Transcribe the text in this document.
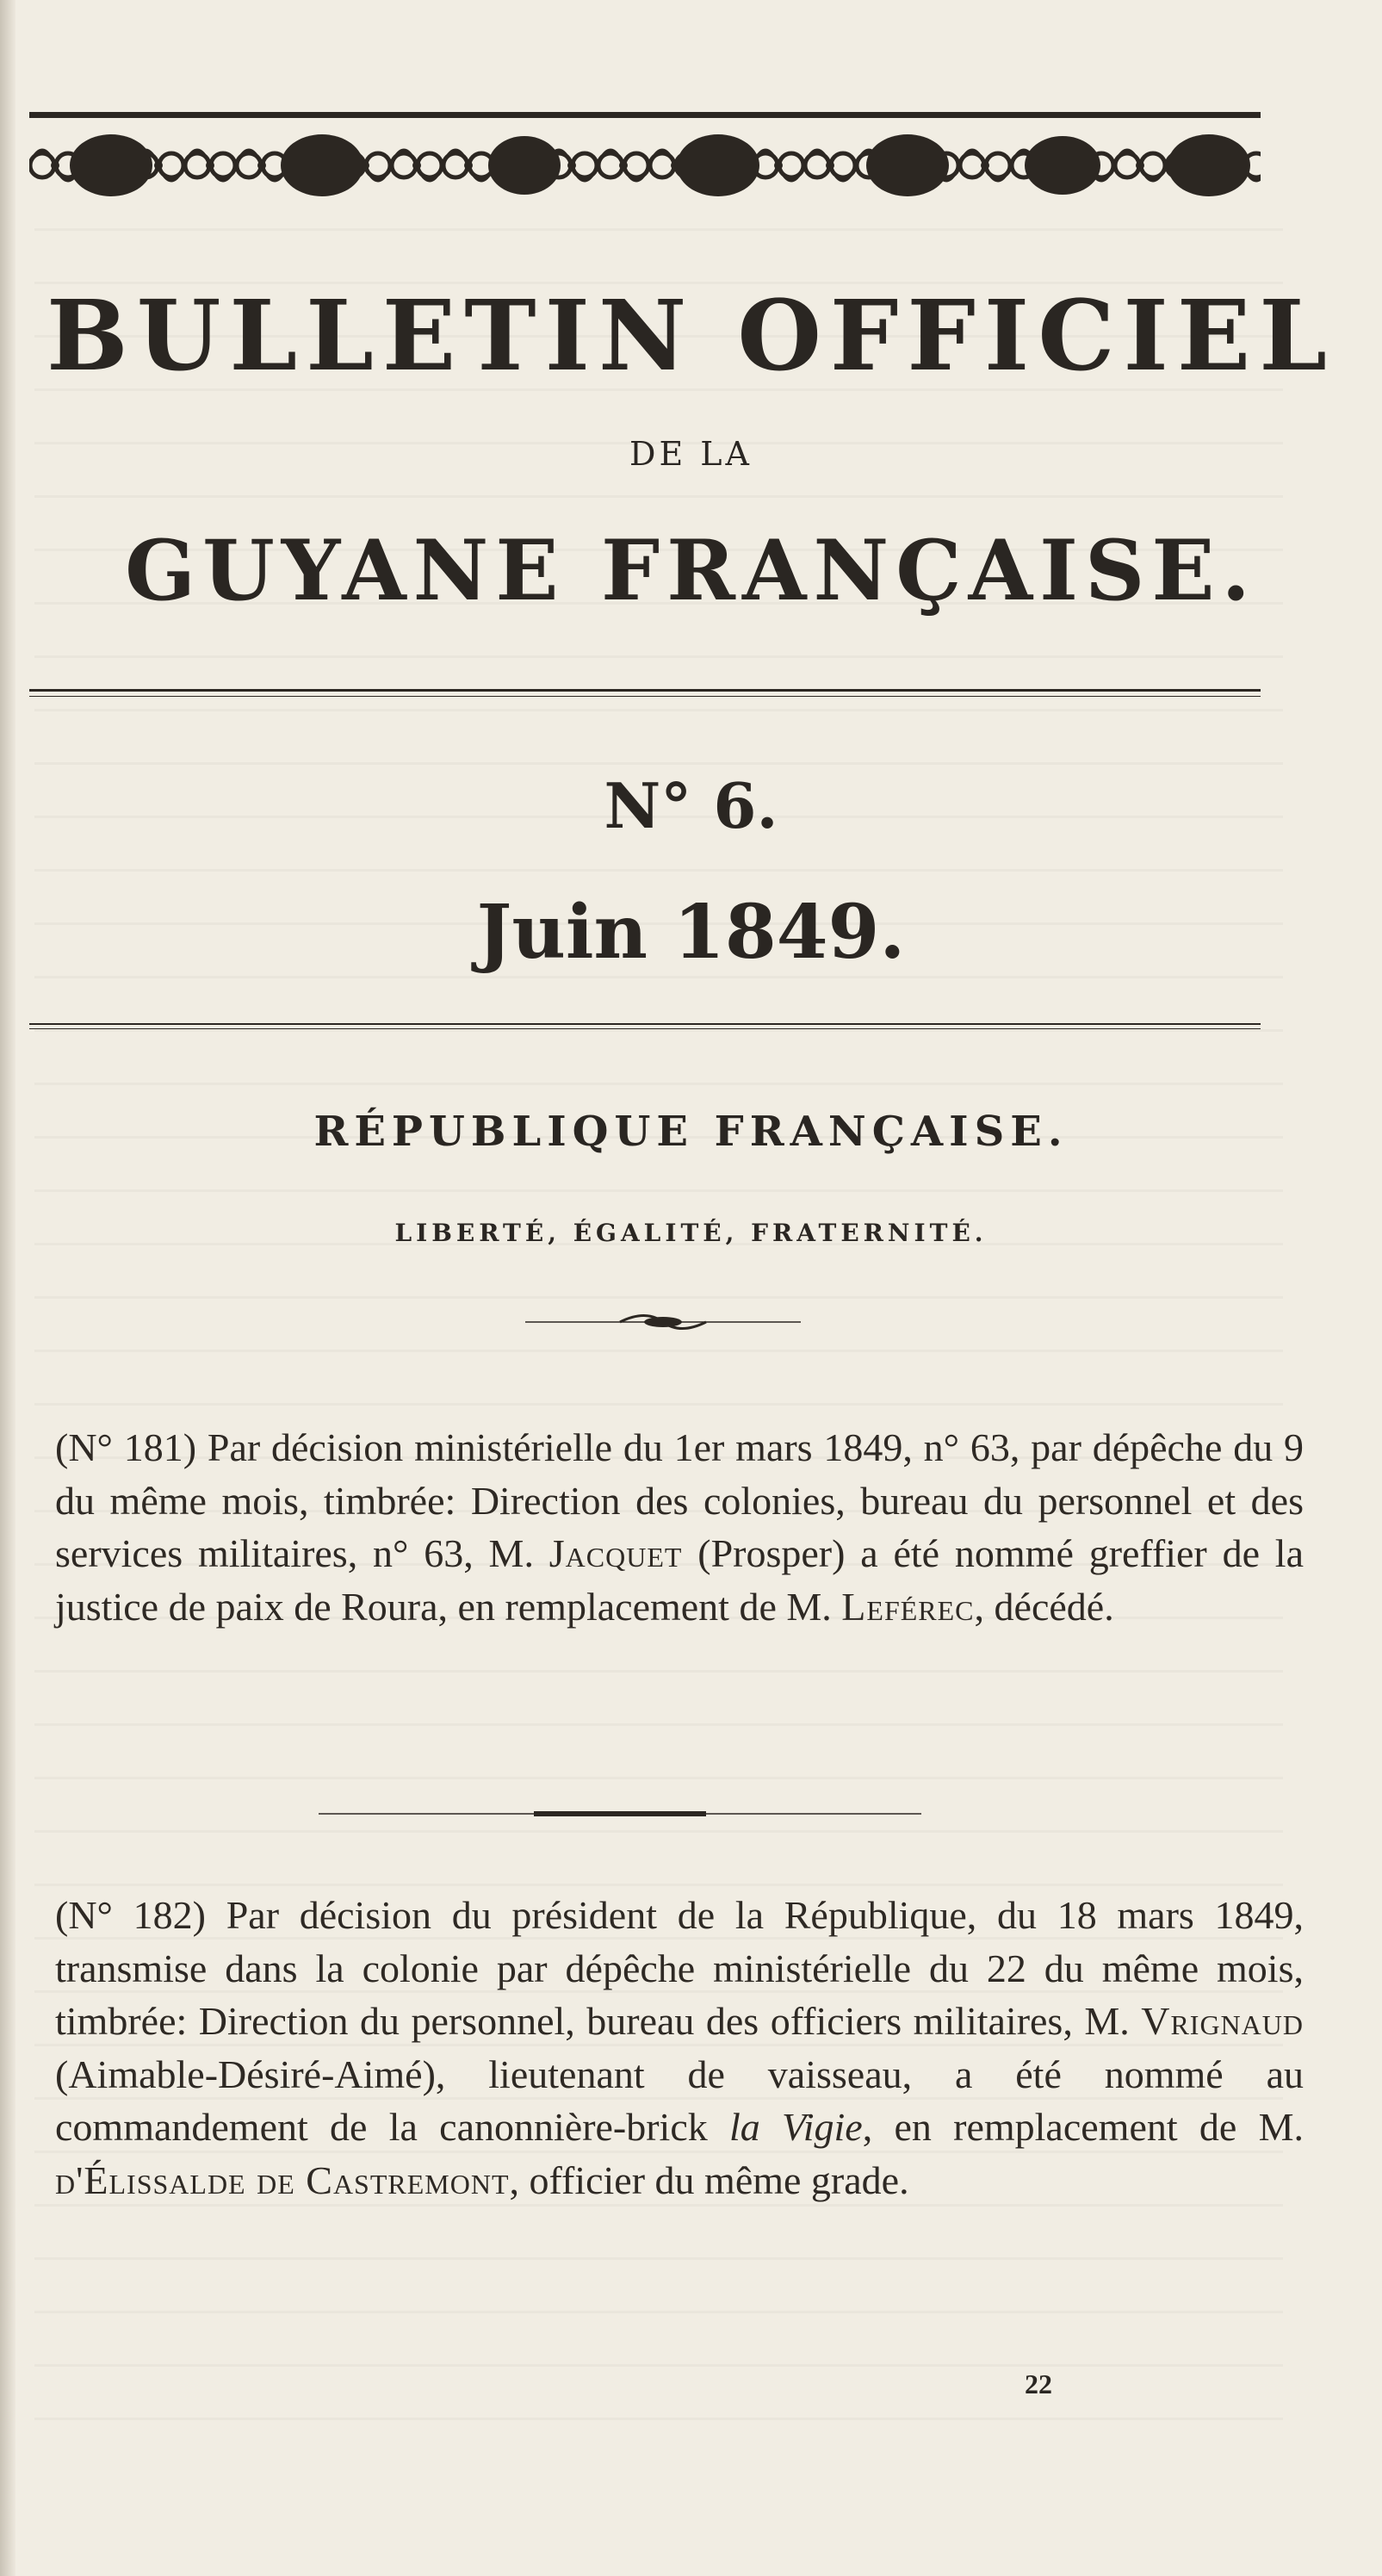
BULLETIN OFFICIEL
DE LA
GUYANE FRANÇAISE.
N° 6.
Juin 1849.
RÉPUBLIQUE FRANÇAISE.
LIBERTÉ, ÉGALITÉ, FRATERNITÉ.
(N° 181) Par décision ministérielle du 1er mars 1849, n° 63, par dépêche du 9 du même mois, timbrée: Direction des colonies, bureau du personnel et des services militaires, n° 63, M. Jacquet (Prosper) a été nommé greffier de la justice de paix de Roura, en remplacement de M. Leférec, décédé.
(N° 182) Par décision du président de la République, du 18 mars 1849, transmise dans la colonie par dépêche ministérielle du 22 du même mois, timbrée: Direction du personnel, bureau des officiers militaires, M. Vrignaud (Aimable-Désiré-Aimé), lieutenant de vaisseau, a été nommé au commandement de la canonnière-brick la Vigie, en remplacement de M. d'Élissalde de Castremont, officier du même grade.
22
